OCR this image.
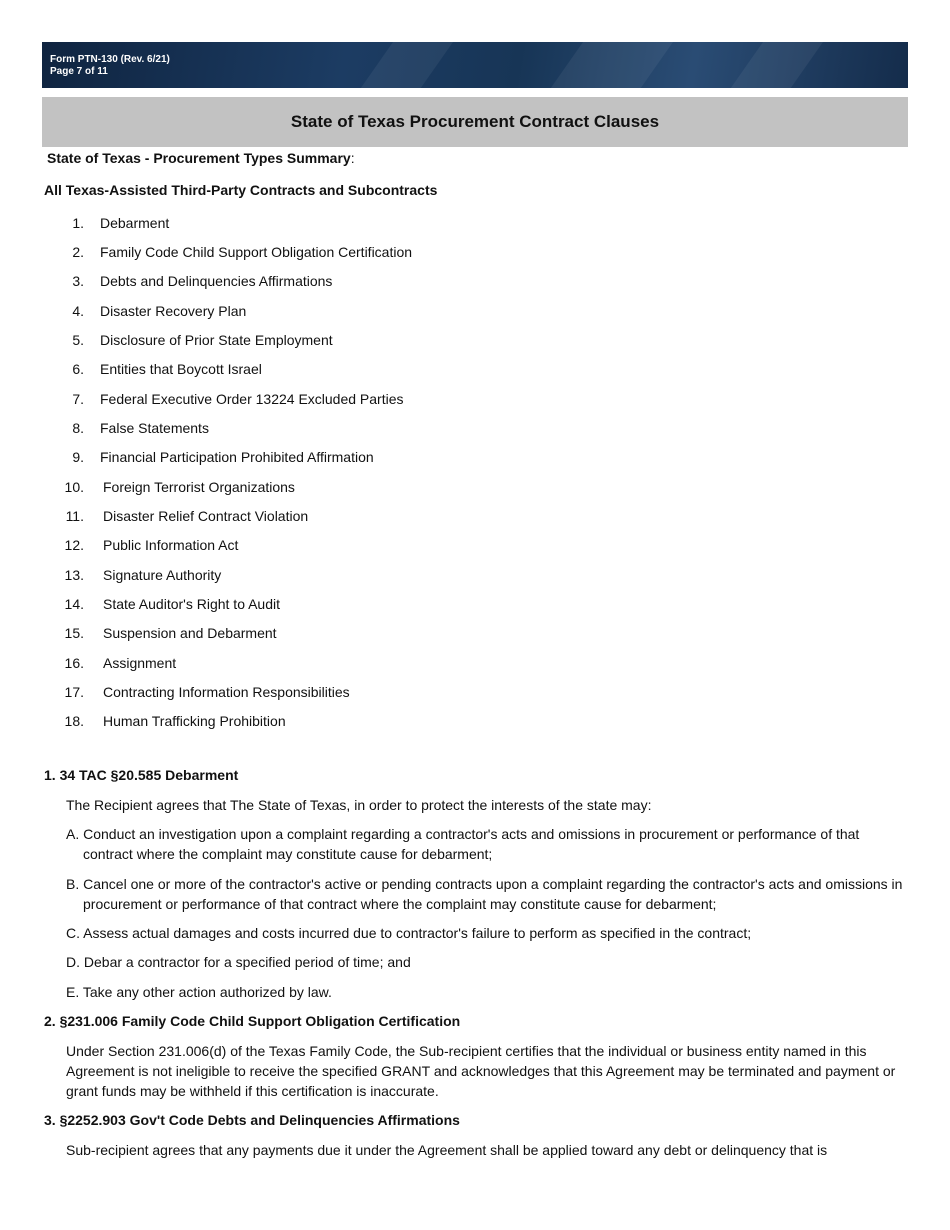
Form PTN-130 (Rev. 6/21)
Page 7 of 11
State of Texas Procurement Contract Clauses
State of Texas - Procurement Types Summary:
All Texas-Assisted Third-Party Contracts and Subcontracts
1. Debarment
2. Family Code Child Support Obligation Certification
3. Debts and Delinquencies Affirmations
4. Disaster Recovery Plan
5. Disclosure of Prior State Employment
6. Entities that Boycott Israel
7. Federal Executive Order 13224 Excluded Parties
8. False Statements
9. Financial Participation Prohibited Affirmation
10. Foreign Terrorist Organizations
11. Disaster Relief Contract Violation
12. Public Information Act
13. Signature Authority
14. State Auditor's Right to Audit
15. Suspension and Debarment
16. Assignment
17. Contracting Information Responsibilities
18. Human Trafficking Prohibition
1. 34 TAC §20.585 Debarment
The Recipient agrees that The State of Texas, in order to protect the interests of the state may:
A. Conduct an investigation upon a complaint regarding a contractor's acts and omissions in procurement or performance of that contract where the complaint may constitute cause for debarment;
B. Cancel one or more of the contractor's active or pending contracts upon a complaint regarding the contractor's acts and omissions in procurement or performance of that contract where the complaint may constitute cause for debarment;
C. Assess actual damages and costs incurred due to contractor's failure to perform as specified in the contract;
D. Debar a contractor for a specified period of time; and
E. Take any other action authorized by law.
2. §231.006 Family Code Child Support Obligation Certification
Under Section 231.006(d) of the Texas Family Code, the Sub-recipient certifies that the individual or business entity named in this Agreement is not ineligible to receive the specified GRANT and acknowledges that this Agreement may be terminated and payment or grant funds may be withheld if this certification is inaccurate.
3. §2252.903 Gov't Code Debts and Delinquencies Affirmations
Sub-recipient agrees that any payments due it under the Agreement shall be applied toward any debt or delinquency that is
